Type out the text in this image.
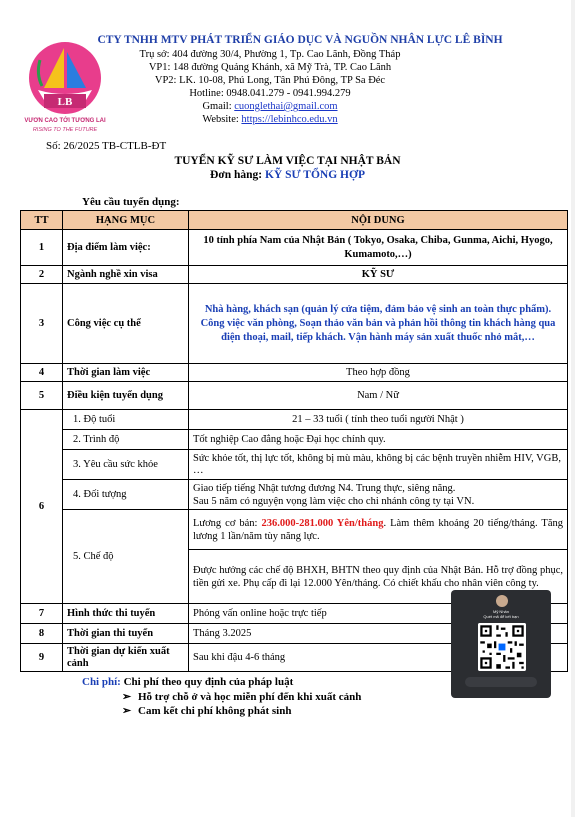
LB
VƯƠN CAO TỚI TƯƠNG LAI
RISING TO THE FUTURE
CTY TNHH MTV PHÁT TRIỂN GIÁO DỤC VÀ NGUỒN NHÂN LỰC LÊ BÌNH
Trụ sở: 404 đường 30/4, Phường 1, Tp. Cao Lãnh, Đồng Tháp
VP1: 148 đường Quảng Khánh, xã Mỹ Trà, TP. Cao Lãnh
VP2: LK. 10-08, Phú Long, Tân Phú Đông, TP Sa Đéc
Hotline: 0948.041.279 - 0941.994.279
Gmail: cuonglethai@gmail.com
Website: https://lebinhco.edu.vn
Số: 26/2025 TB-CTLB-ĐT
TUYỂN KỸ SƯ LÀM VIỆC TẠI NHẬT BẢN
Đơn hàng: KỸ SƯ TỔNG HỢP
Yêu cầu tuyển dụng:
TT	HẠNG MỤC	NỘI DUNG
1	Địa điểm làm việc:	10 tỉnh phía Nam của Nhật Bản ( Tokyo, Osaka, Chiba, Gunma, Aichi, Hyogo, Kumamoto,…)
2	Ngành nghề xin visa	KỸ SƯ
3	Công việc cụ thể	Nhà hàng, khách sạn (quản lý cửa tiệm, đảm bảo vệ sinh an toàn thực phẩm). Công việc văn phòng, Soạn thảo văn bản và phản hồi thông tin khách hàng qua điện thoại, mail, tiếp khách. Vận hành máy sản xuất thuốc nhỏ mắt,…
4	Thời gian làm việc	Theo hợp đồng
5	Điều kiện tuyển dụng	Nam / Nữ
6	1. Độ tuổi	21 – 33 tuổi ( tính theo tuổi người Nhật )
	2. Trình độ	Tốt nghiệp Cao đẳng hoặc Đại học chính quy.
	3. Yêu cầu sức khỏe	Sức khỏe tốt, thị lực tốt, không bị mù màu, không bị các bệnh truyền nhiễm HIV, VGB, …
	4. Đối tượng	Giao tiếp tiếng Nhật tương đương N4. Trung thực, siêng năng.
Sau 5 năm có nguyện vọng làm việc cho chi nhánh công ty tại VN.

	5. Chế độ	Lương cơ bản: 236.000-281.000 Yên/tháng. Làm thêm khoảng 20 tiếng/tháng. Tăng lương 1 lần/năm tùy năng lực.
		Được hưởng các chế độ BHXH, BHTN theo quy định của Nhật Bản. Hỗ trợ đồng phục, tiền gửi xe. Phụ cấp đi lại 12.000 Yên/tháng. Có chiết khấu cho nhân viên công ty.
7	Hình thức thi tuyển	Phỏng vấn online hoặc trực tiếp
8	Thời gian thi tuyển	Tháng 3.2025
9	Thời gian dự kiến xuất cảnh	Sau khi đậu 4-6 tháng
Chi phí: Chi phí theo quy định của pháp luật
➢ Hỗ trợ chỗ ở và học miễn phí đến khi xuất cảnh
➢ Cam kết chi phí không phát sinh
Mỹ Nhân
Quét mã để kết bạn
